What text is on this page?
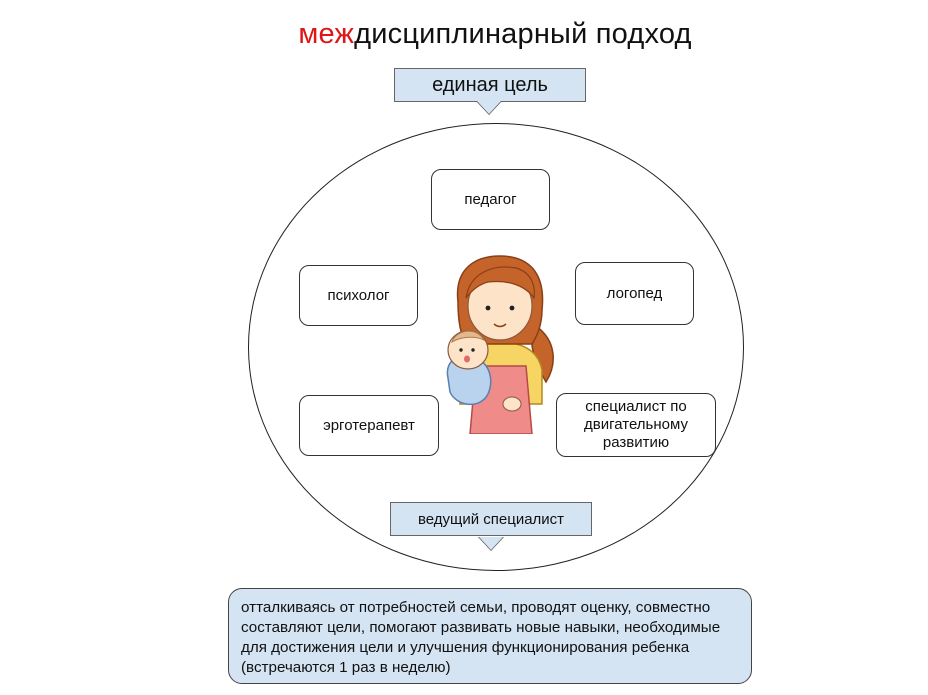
междисциплинарный подход
единая цель
педагог
психолог	логопед
эрготерапевт
специалист по двигательному развитию
ведущий специалист
отталкиваясь от потребностей семьи, проводят оценку, совместно составляют цели, помогают развивать новые навыки, необходимые для достижения цели и улучшения функционирования ребенка (встречаются 1 раз в неделю)
